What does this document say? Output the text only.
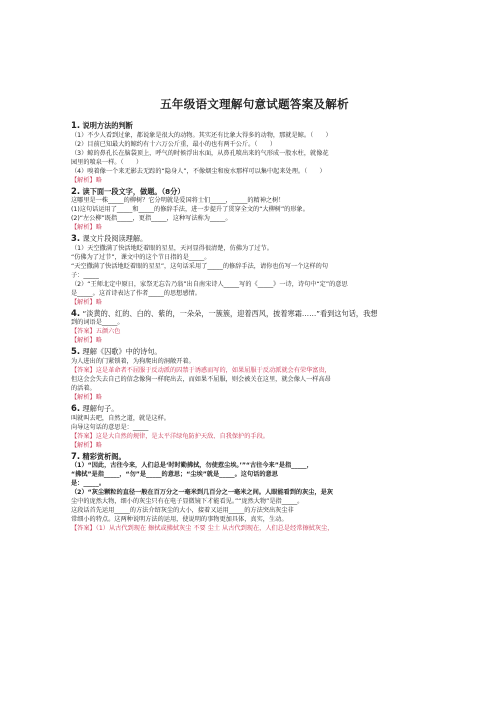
五年级语文理解句意试题答案及解析
1. 说明方法的判断
（1）不少人看到过象，都说象是很大的动物。其实还有比象大得多的动物，那就是鲸。（　　）
（2）目前已知最大的鲸约有十六万公斤重，最小的也有两千公斤。（　　）
（3）鲸的鼻孔长在脑袋顶上，呼气的时候浮出水面，从鼻孔喷出来的气形成一股水柱，就像花
园里的喷泉一样。（　　）
（4）嗅着像一个来无影去无踪的“隐身人”，不像烟尘和废水那样可以集中起来处理。（　　）
【解析】略
2. 读下面一段文字，做题。（8分）
这哪里是一株_____的柳树？它分明就是爱国将士们_____，_____的精神之树！
(1)这句话运用了_____和_____的修辞手法，进一步提升了贯穿全文的“大柳树”的形象。
(2)“左公柳”既指_____，更指_____，这种写法称为_____。
【解析】略
3. 课文片段阅读理解。
（1）天空撒满了快活地眨着眼的星星，天河显得很清楚，仿佛为了过节。
“仿佛为了过节”，课文中的这个节日指的是_____。
“天空撒满了快活地眨着眼的星星”，这句话采用了_____的修辞手法，请你也仿写一个这样的句
子：_____
（2）“王师北定中原日，家祭无忘告乃翁”出自南宋诗人_____写的《_____》一诗，诗句中“定”的意思
是_____。这首诗表达了作者_____的思想感情。
【解析】略
4. “淡黄的、红的、白的、紫的，一朵朵，一簇簇，迎着西风，披着寒霜……”看到这句话，我想
到的词语是_____。
【答案】五颜六色
【解析】略
5. 理解《囚歌》中的诗句。
为人进出的门紧锁着，为狗爬出的洞敞开着。
【答案】这是革命者不屈服于反动派的囚禁于诱惑而写的，如果屈服于反动派就会有荣华富贵，
但这会会失去自己的信念像狗一样爬出去，而如果不屈服，则会被关在这里，就会像人一样高昂
的活着。
【解析】略
6. 理解句子。
叫就叫去吧，自然之道，就是这样。
向导这句话的意思是：_____
【答案】这是大自然的规律，是太平洋绿龟防护天敌、自我保护的手段。
【解析】略
7. 精彩赏析阁。
（1）“因此，古往今来，人们总是‘时时勤拂拭，勿使惹尘埃。’”“古往今来”是指_____，
“拂拭”是指_____，“勿”是_____的意思；“尘埃”就是_____。这句话的意思
是：_____。
（2）“灰尘颗粒的直径一般在百万分之一毫米到几百分之一毫米之间。人眼能看到的灰尘，是灰
尘中的庞然大物，细小的灰尘只有在电子显微镜下才能看见。”“庞然大物”是指_____。
这段话首先运用_____的方法介绍灰尘的大小，接着又运用_____的方法突出灰尘非
常细小的特点。这两种说明方法的运用，使说明的事物更加具体，真实，生动。
【答案】（1）从古代到现在 擦拭或拂拭灰尘 不要 尘土 从古代到现在，人们总是经常擦拭灰尘，
